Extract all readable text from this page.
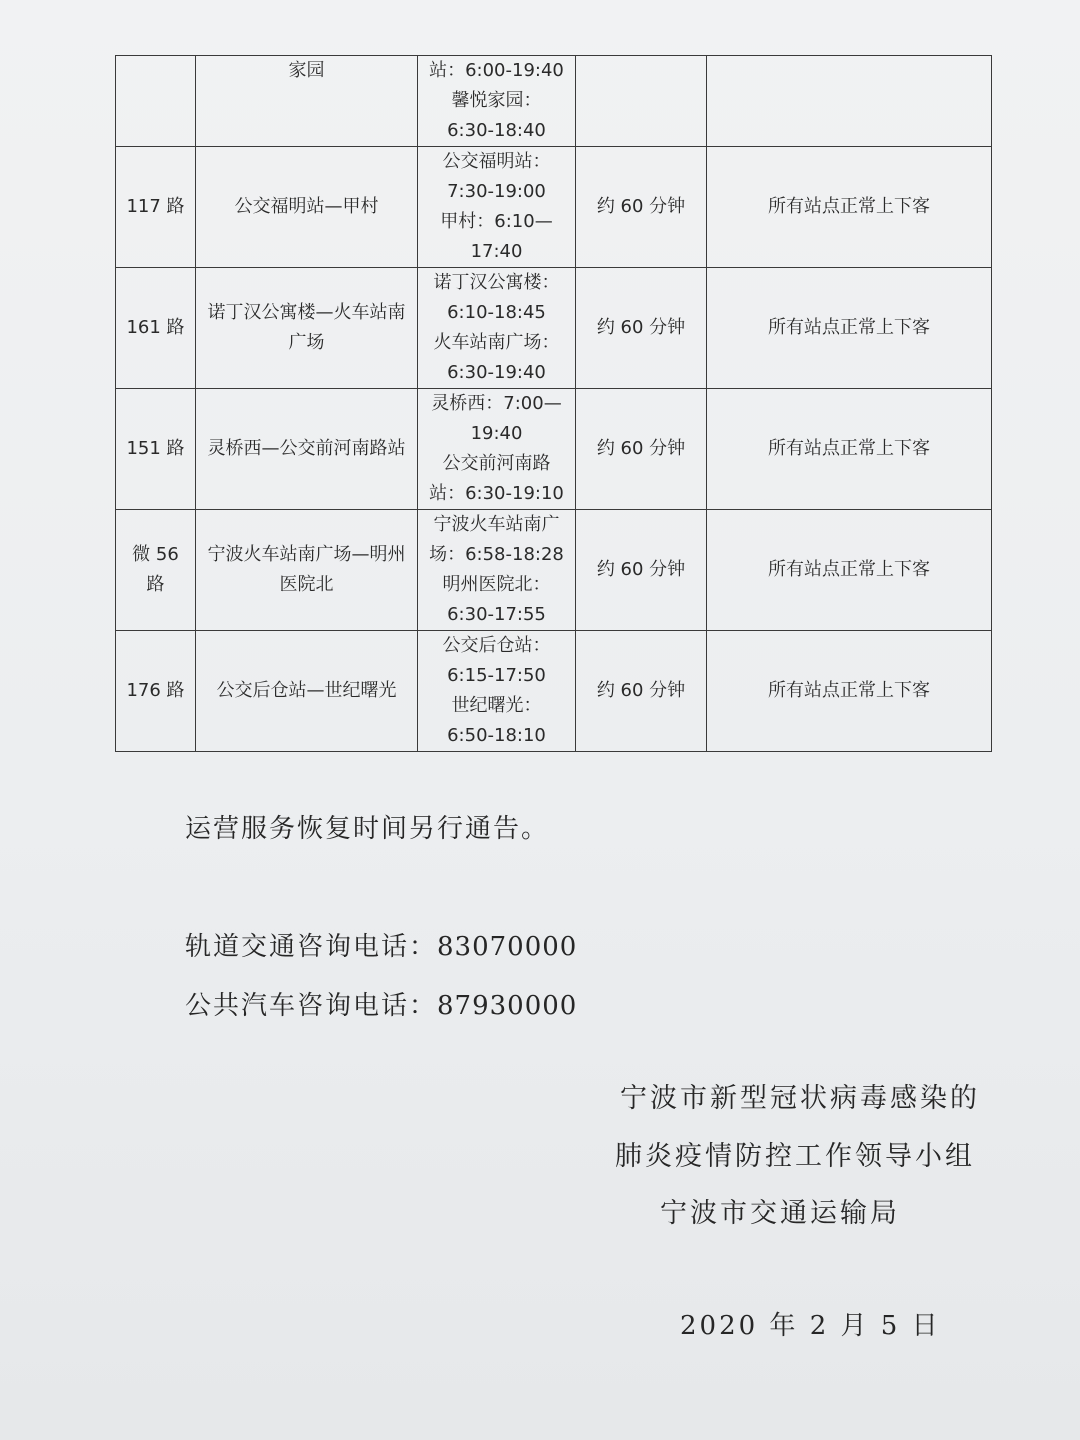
	家园	站：6:00-19:40
馨悦家园：
6:30-18:40		

117 路	公交福明站—甲村	公交福明站：
7:30-19:00
甲村：6:10—
17:40	约 60 分钟	所有站点正常上下客
161 路	诺丁汉公寓楼—火车站南广场	诺丁汉公寓楼：
6:10-18:45
火车站南广场：
6:30-19:40	约 60 分钟	所有站点正常上下客
151 路	灵桥西—公交前河南路站	灵桥西：7:00—
19:40
公交前河南路
站：6:30-19:10	约 60 分钟	所有站点正常上下客
微 56 路	宁波火车站南广场—明州医院北	宁波火车站南广
场：6:58-18:28
明州医院北：
6:30-17:55	约 60 分钟	所有站点正常上下客
176 路	公交后仓站—世纪曙光	公交后仓站：
6:15-17:50
世纪曙光：
6:50-18:10	约 60 分钟	所有站点正常上下客
运营服务恢复时间另行通告。
轨道交通咨询电话：83070000
公共汽车咨询电话：87930000
宁波市新型冠状病毒感染的
肺炎疫情防控工作领导小组
宁波市交通运输局
2020 年 2 月 5 日
